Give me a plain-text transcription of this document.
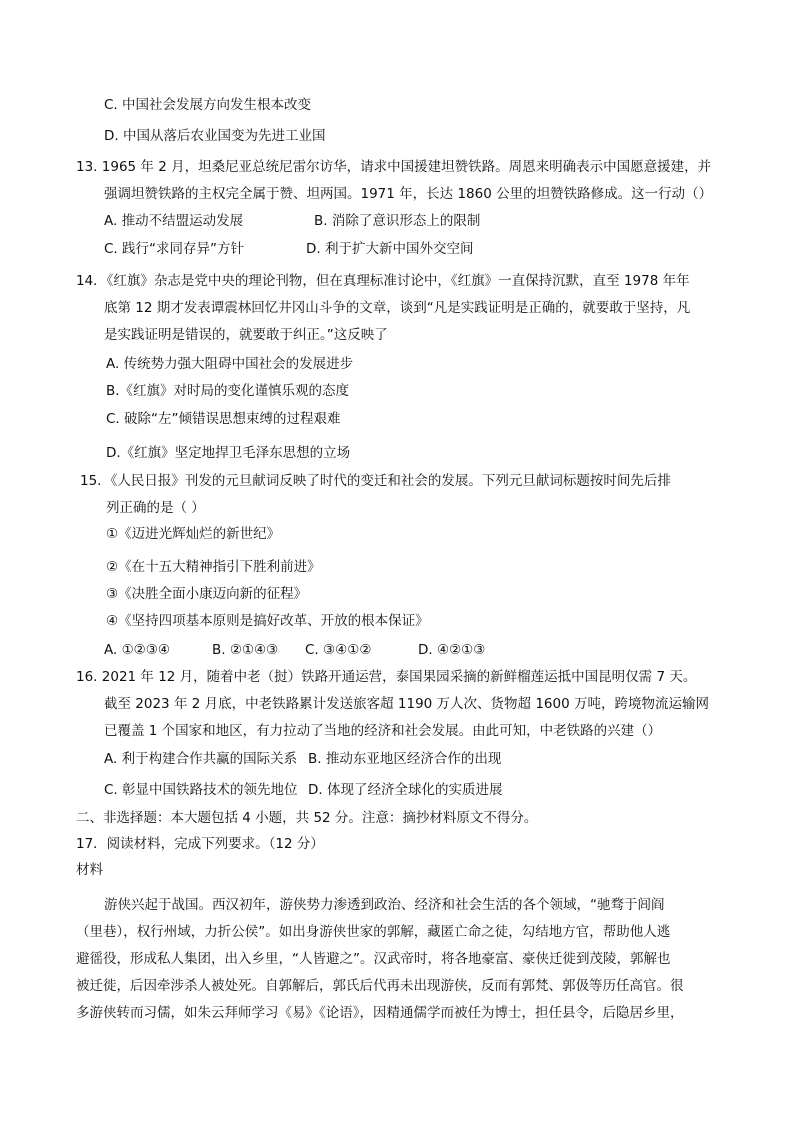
C. 中国社会发展方向发生根本改变
D. 中国从落后农业国变为先进工业国
13. 1965 年 2 月，坦桑尼亚总统尼雷尔访华，请求中国援建坦赞铁路。周恩来明确表示中国愿意援建，并
强调坦赞铁路的主权完全属于赞、坦两国。1971 年，长达 1860 公里的坦赞铁路修成。这一行动（）
A. 推动不结盟运动发展	B. 消除了意识形态上的限制
C. 践行“求同存异”方针	D. 利于扩大新中国外交空间
14．《红旗》杂志是党中央的理论刊物，但在真理标准讨论中，《红旗》一直保持沉默，直至 1978 年年
底第 12 期才发表谭震林回忆井冈山斗争的文章，谈到“凡是实践证明是正确的，就要敢于坚持，凡
是实践证明是错误的，就要敢于纠正。”这反映了
A. 传统势力强大阻碍中国社会的发展进步
B.《红旗》对时局的变化谨慎乐观的态度
C. 破除“左”倾错误思想束缚的过程艰难
D.《红旗》坚定地捍卫毛泽东思想的立场
15．《人民日报》刊发的元旦献词反映了时代的变迁和社会的发展。下列元旦献词标题按时间先后排
列正确的是（ ）
①《迈进光辉灿烂的新世纪》
②《在十五大精神指引下胜利前进》
③《决胜全面小康迈向新的征程》
④《坚持四项基本原则是搞好改革、开放的根本保证》
A. ①②③④	B. ②①④③ C. ③④①②	D. ④②①③
16. 2021 年 12 月，随着中老（挝）铁路开通运营，泰国果园采摘的新鲜榴莲运抵中国昆明仅需 7 天。
截至 2023 年 2 月底，中老铁路累计发送旅客超 1190 万人次、货物超 1600 万吨，跨境物流运输网
已覆盖 1 个国家和地区，有力拉动了当地的经济和社会发展。由此可知，中老铁路的兴建（）
A. 利于构建合作共赢的国际关系 B. 推动东亚地区经济合作的出现
C. 彰显中国铁路技术的领先地位 D. 体现了经济全球化的实质进展
二、非选择题：本大题包括 4 小题，共 52 分。注意：摘抄材料原文不得分。
17．阅读材料，完成下列要求。（12 分）
材料
游侠兴起于战国。西汉初年，游侠势力渗透到政治、经济和社会生活的各个领域，“驰骛于闾阎
（里巷），权行州域，力折公侯”。如出身游侠世家的郭解，藏匿亡命之徒，勾结地方官，帮助他人逃
避徭役，形成私人集团，出入乡里，“人皆避之”。汉武帝时，将各地豪富、豪侠迁徙到茂陵，郭解也
被迁徙，后因牵涉杀人被处死。自郭解后，郭氏后代再未出现游侠，反而有郭梵、郭伋等历任高官。很
多游侠转而习儒，如朱云拜师学习《易》《论语》，因精通儒学而被任为博士，担任县令，后隐居乡里，
